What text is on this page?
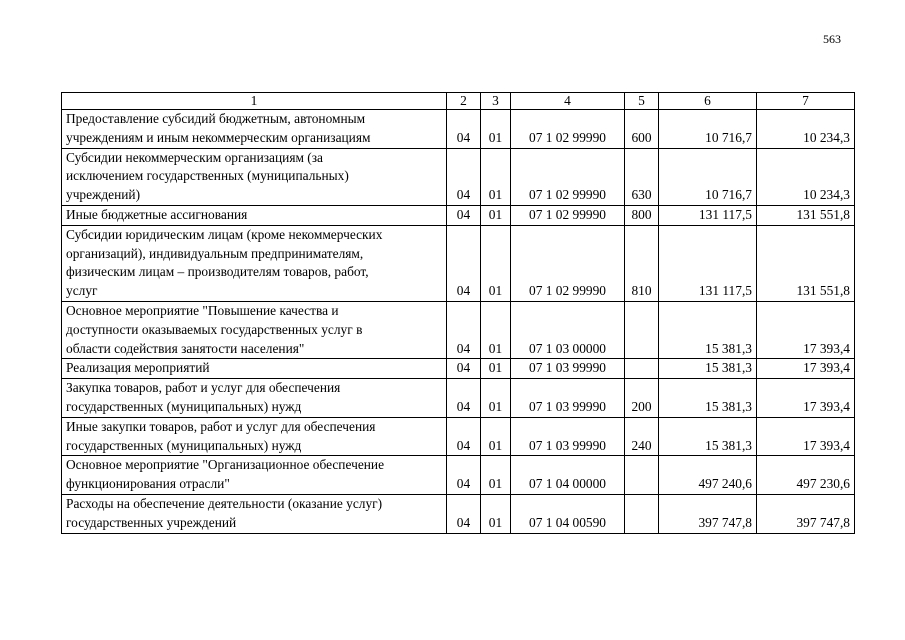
563
1	2	3	4	5	6	7

Предоставление субсидий бюджетным, автономным
учреждениям и иным некоммерческим организациям	04	01	07 1 02 99990	600	10 716,7	10 234,3

Субсидии некоммерческим организациям (за
исключением государственных (муниципальных)
учреждений)	04	01	07 1 02 99990	630	10 716,7	10 234,3

Иные бюджетные ассигнования	04	01	07 1 02 99990	800	131 117,5	131 551,8

Субсидии юридическим лицам (кроме некоммерческих
организаций), индивидуальным предпринимателям,
физическим лицам – производителям товаров, работ,
услуг	04	01	07 1 02 99990	810	131 117,5	131 551,8

Основное мероприятие "Повышение качества и
доступности оказываемых государственных услуг в
области содействия занятости населения"	04	01	07 1 03 00000		15 381,3	17 393,4

Реализация мероприятий	04	01	07 1 03 99990		15 381,3	17 393,4

Закупка товаров, работ и услуг для обеспечения
государственных (муниципальных) нужд	04	01	07 1 03 99990	200	15 381,3	17 393,4

Иные закупки товаров, работ и услуг для обеспечения
государственных (муниципальных) нужд	04	01	07 1 03 99990	240	15 381,3	17 393,4

Основное мероприятие "Организационное обеспечение
функционирования отрасли"	04	01	07 1 04 00000		497 240,6	497 230,6

Расходы на обеспечение деятельности (оказание услуг)
государственных учреждений	04	01	07 1 04 00590		397 747,8	397 747,8
